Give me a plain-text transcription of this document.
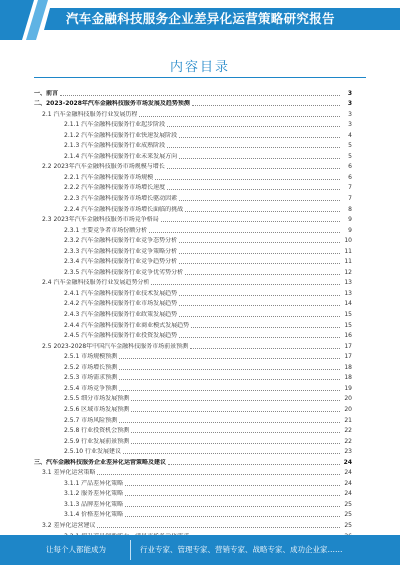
汽车金融科技服务企业差异化运营策略研究报告
内容目录
一、前言	3
二、2023-2028年汽车金融科技服务市场发展及趋势预测	3
2.1 汽车金融科技服务行业发展历程	3
2.1.1 汽车金融科技服务行业起步阶段	3
2.1.2 汽车金融科技服务行业快速发展阶段	4
2.1.3 汽车金融科技服务行业成熟阶段	5
2.1.4 汽车金融科技服务行业未来发展方向	5
2.2 2023年汽车金融科技服务市场规模与增长	6
2.2.1 汽车金融科技服务市场规模	6
2.2.2 汽车金融科技服务市场增长速度	7
2.2.3 汽车金融科技服务市场增长驱动因素	7
2.2.4 汽车金融科技服务市场增长面临的挑战	8
2.3 2023年汽车金融科技服务市场竞争格局	9
2.3.1 主要竞争者市场份额分析	9
2.3.2 汽车金融科技服务行业竞争态势分析	10
2.3.3 汽车金融科技服务行业竞争策略分析	11
2.3.4 汽车金融科技服务行业竞争趋势分析	11
2.3.5 汽车金融科技服务行业竞争优劣势分析	12
2.4 汽车金融科技服务行业发展趋势分析	13
2.4.1 汽车金融科技服务行业技术发展趋势	13
2.4.2 汽车金融科技服务行业市场发展趋势	14
2.4.3 汽车金融科技服务行业政策发展趋势	15
2.4.4 汽车金融科技服务行业商业模式发展趋势	15
2.4.5 汽车金融科技服务行业投资发展趋势	16
2.5 2023-2028年中国汽车金融科技服务市场前景预测	17
2.5.1 市场规模预测	17
2.5.2 市场增长预测	18
2.5.3 市场需求预测	18
2.5.4 市场竞争预测	19
2.5.5 细分市场发展预测	20
2.5.6 区域市场发展预测	20
2.5.7 市场风险预测	21
2.5.8 行业投资机会预测	22
2.5.9 行业发展前景预测	22
2.5.10 行业发展建议	23
三、汽车金融科技服务企业差异化运营策略及建议	24
3.1 差异化运营策略	24
3.1.1 产品差异化策略	24
3.1.2 服务差异化策略	24
3.1.3 品牌差异化策略	25
3.1.4 价格差异化策略	25
3.2 差异化运营建议	25
让每个人都能成为	行业专家、管理专家、营销专家、战略专家、成功企业家……
